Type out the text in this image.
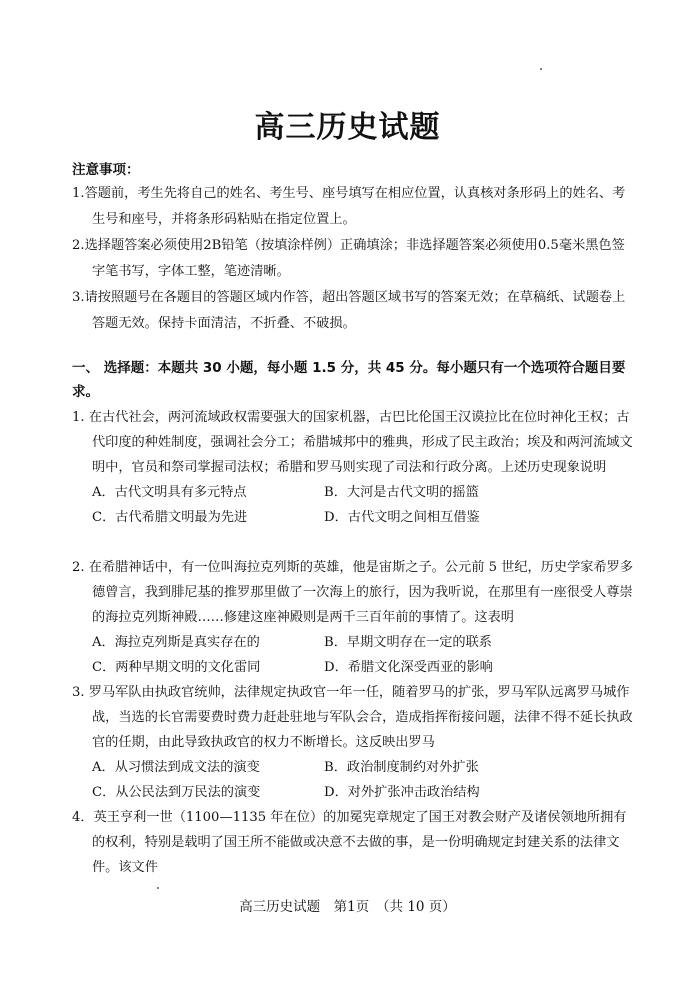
高三历史试题
注意事项：

1.答题前，考生先将自己的姓名、考生号、座号填写在相应位置，认真核对条形码上的姓名、考生号和座号，并将条形码粘贴在指定位置上。

2.选择题答案必须使用2B铅笔（按填涂样例）正确填涂；非选择题答案必须使用0.5毫米黑色签字笔书写，字体工整，笔迹清晰。

3.请按照题号在各题目的答题区域内作答，超出答题区域书写的答案无效；在草稿纸、试题卷上答题无效。保持卡面清洁，不折叠、不破损。

一、 选择题：本题共 30 小题，每小题 1.5 分，共 45 分。每小题只有一个选项符合题目要求。

1. 在古代社会，两河流域政权需要强大的国家机器，古巴比伦国王汉谟拉比在位时神化王权；古代印度的种姓制度，强调社会分工；希腊城邦中的雅典，形成了民主政治；埃及和两河流域文明中，官员和祭司掌握司法权；希腊和罗马则实现了司法和行政分离。上述历史现象说明

A．古代文明具有多元特点	B．大河是古代文明的摇篮
C．古代希腊文明最为先进	D．古代文明之间相互借鉴

2. 在希腊神话中，有一位叫海拉克列斯的英雄，他是宙斯之子。公元前 5 世纪，历史学家希罗多德曾言，我到腓尼基的推罗那里做了一次海上的旅行，因为我听说，在那里有一座很受人尊崇的海拉克列斯神殿……修建这座神殿则是两千三百年前的事情了。这表明

A．海拉克列斯是真实存在的	B．早期文明存在一定的联系
C．两种早期文明的文化雷同	D．希腊文化深受西亚的影响

3. 罗马军队由执政官统帅，法律规定执政官一年一任，随着罗马的扩张，罗马军队远离罗马城作战，当选的长官需要费时费力赶赴驻地与军队会合，造成指挥衔接问题，法律不得不延长执政官的任期，由此导致执政官的权力不断增长。这反映出罗马

A．从习惯法到成文法的演变	B．政治制度制约对外扩张
C．从公民法到万民法的演变	D．对外扩张冲击政治结构

4．英王亨利一世（1100—1135 年在位）的加冕宪章规定了国王对教会财产及诸侯领地所拥有的权利，特别是载明了国王所不能做或决意不去做的事，是一份明确规定封建关系的法律文件。该文件

高三历史试题　第1页　（共 10 页）
